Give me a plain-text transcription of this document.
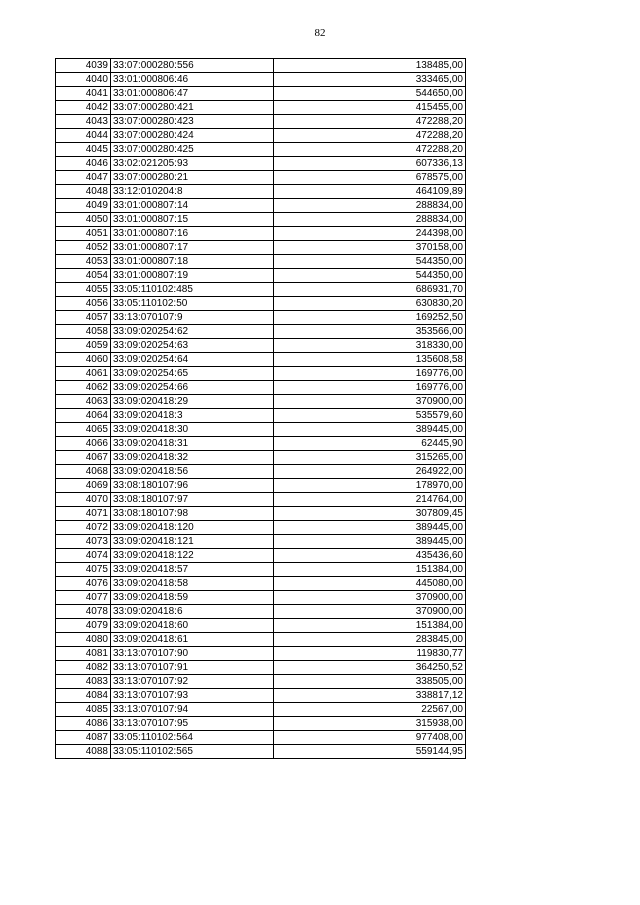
82
4039	33:07:000280:556	138485,00
4040	33:01:000806:46	333465,00
4041	33:01:000806:47	544650,00
4042	33:07:000280:421	415455,00
4043	33:07:000280:423	472288,20
4044	33:07:000280:424	472288,20
4045	33:07:000280:425	472288,20
4046	33:02:021205:93	607336,13
4047	33:07:000280:21	678575,00
4048	33:12:010204:8	464109,89
4049	33:01:000807:14	288834,00
4050	33:01:000807:15	288834,00
4051	33:01:000807:16	244398,00
4052	33:01:000807:17	370158,00
4053	33:01:000807:18	544350,00
4054	33:01:000807:19	544350,00
4055	33:05:110102:485	686931,70
4056	33:05:110102:50	630830,20
4057	33:13:070107:9	169252,50
4058	33:09:020254:62	353566,00
4059	33:09:020254:63	318330,00
4060	33:09:020254:64	135608,58
4061	33:09:020254:65	169776,00
4062	33:09:020254:66	169776,00
4063	33:09:020418:29	370900,00
4064	33:09:020418:3	535579,60
4065	33:09:020418:30	389445,00
4066	33:09:020418:31	62445,90
4067	33:09:020418:32	315265,00
4068	33:09:020418:56	264922,00
4069	33:08:180107:96	178970,00
4070	33:08:180107:97	214764,00
4071	33:08:180107:98	307809,45
4072	33:09:020418:120	389445,00
4073	33:09:020418:121	389445,00
4074	33:09:020418:122	435436,60
4075	33:09:020418:57	151384,00
4076	33:09:020418:58	445080,00
4077	33:09:020418:59	370900,00
4078	33:09:020418:6	370900,00
4079	33:09:020418:60	151384,00
4080	33:09:020418:61	283845,00
4081	33:13:070107:90	119830,77
4082	33:13:070107:91	364250,52
4083	33:13:070107:92	338505,00
4084	33:13:070107:93	338817,12
4085	33:13:070107:94	22567,00
4086	33:13:070107:95	315938,00
4087	33:05:110102:564	977408,00
4088	33:05:110102:565	559144,95
